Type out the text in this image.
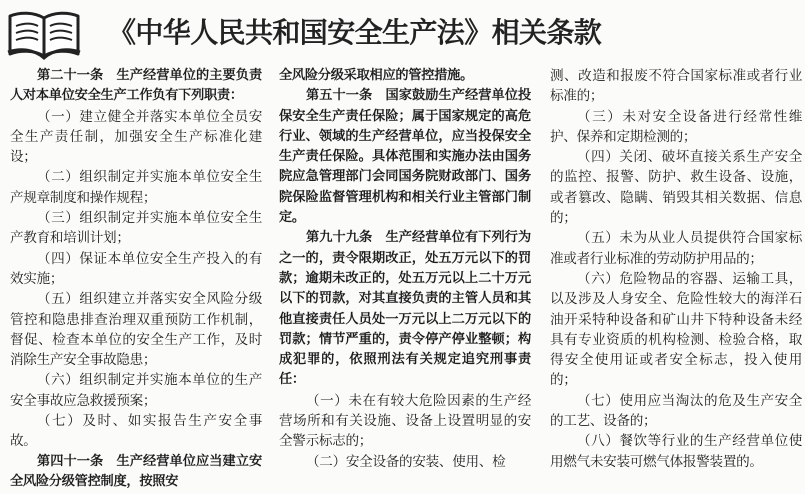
《中华人民共和国安全生产法》相关条款

第二十一条　生产经营单位的主要负责人对本单位安全生产工作负有下列职责：

（一）建立健全并落实本单位全员安全生产责任制，加强安全生产标准化建设；

（二）组织制定并实施本单位安全生产规章制度和操作规程；

（三）组织制定并实施本单位安全生产教育和培训计划；

（四）保证本单位安全生产投入的有效实施；

（五）组织建立并落实安全风险分级管控和隐患排查治理双重预防工作机制，督促、检查本单位的安全生产工作，及时消除生产安全事故隐患；

（六）组织制定并实施本单位的生产安全事故应急救援预案；

（七）及时、如实报告生产安全事故。

第四十一条　生产经营单位应当建立安全风险分级管控制度，按照安

全风险分级采取相应的管控措施。

第五十一条　国家鼓励生产经营单位投保安全生产责任保险；属于国家规定的高危行业、领域的生产经营单位，应当投保安全生产责任保险。具体范围和实施办法由国务院应急管理部门会同国务院财政部门、国务院保险监督管理机构和相关行业主管部门制定。

第九十九条　生产经营单位有下列行为之一的，责令限期改正，处五万元以下的罚款；逾期未改正的，处五万元以上二十万元以下的罚款，对其直接负责的主管人员和其他直接责任人员处一万元以上二万元以下的罚款；情节严重的，责令停产停业整顿；构成犯罪的，依照刑法有关规定追究刑事责任：

（一）未在有较大危险因素的生产经营场所和有关设施、设备上设置明显的安全警示标志的；

（二）安全设备的安装、使用、检

测、改造和报废不符合国家标准或者行业标准的；

（三）未对安全设备进行经常性维护、保养和定期检测的；

（四）关闭、破坏直接关系生产安全的监控、报警、防护、救生设备、设施，或者篡改、隐瞒、销毁其相关数据、信息的；

（五）未为从业人员提供符合国家标准或者行业标准的劳动防护用品的；

（六）危险物品的容器、运输工具，以及涉及人身安全、危险性较大的海洋石油开采特种设备和矿山井下特种设备未经具有专业资质的机构检测、检验合格，取得安全使用证或者安全标志，投入使用的；

（七）使用应当淘汰的危及生产安全的工艺、设备的；

（八）餐饮等行业的生产经营单位使用燃气未安装可燃气体报警装置的。
